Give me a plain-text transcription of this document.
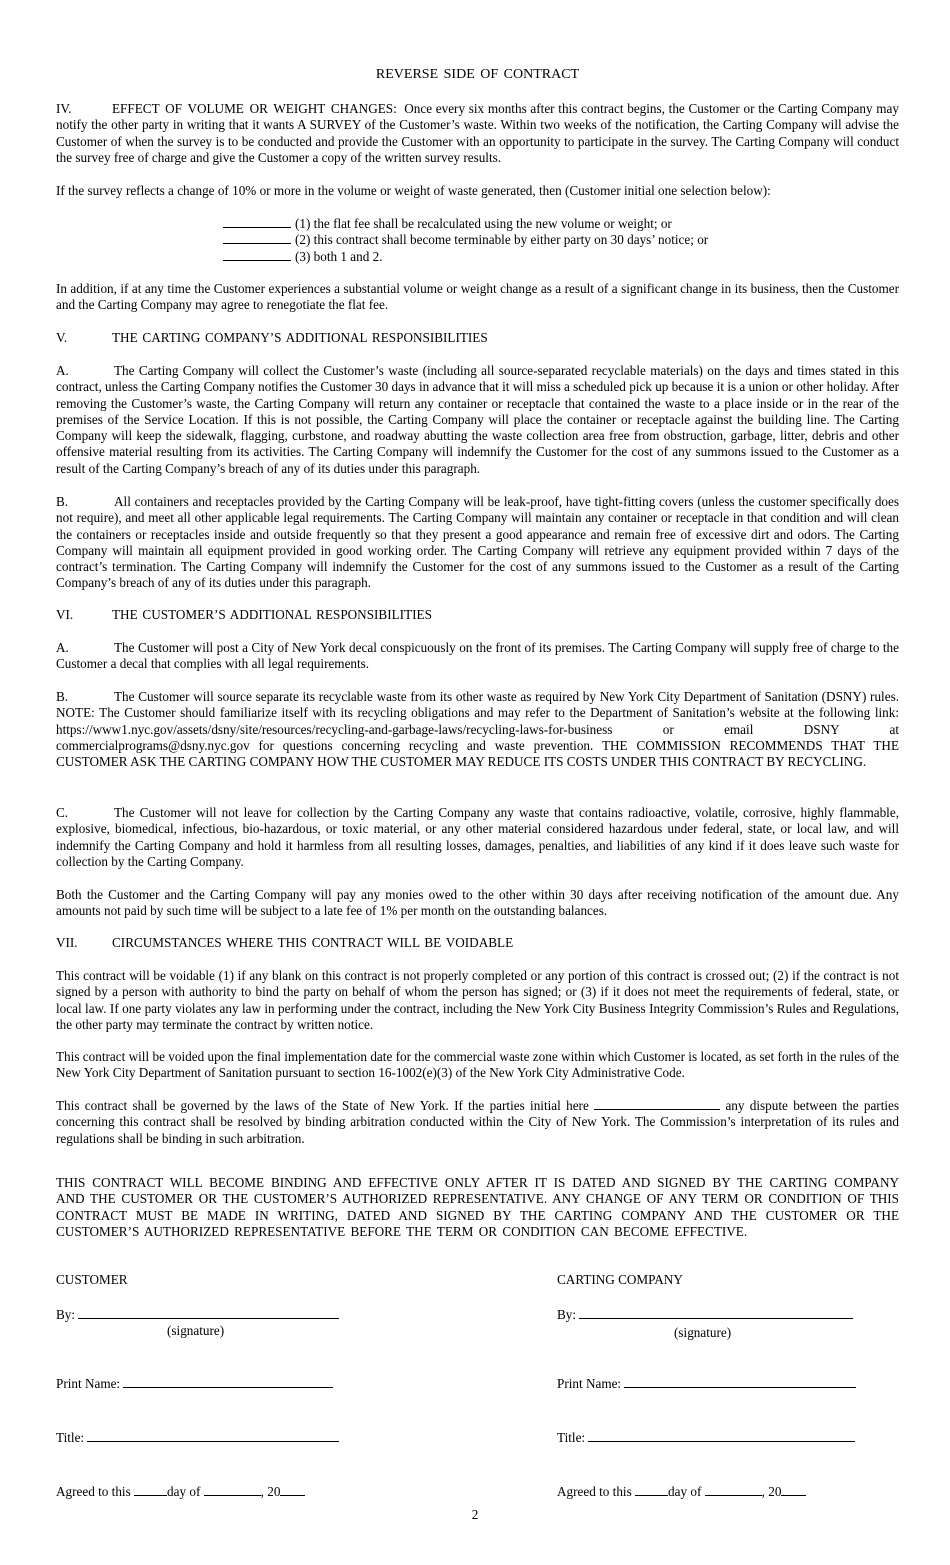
REVERSE SIDE OF CONTRACT
IV.	EFFECT OF VOLUME OR WEIGHT CHANGES: Once every six months after this contract begins, the Customer or the Carting Company may notify the other party in writing that it wants A SURVEY of the Customer’s waste. Within two weeks of the notification, the Carting Company will advise the Customer of when the survey is to be conducted and provide the Customer with an opportunity to participate in the survey. The Carting Company will conduct the survey free of charge and give the Customer a copy of the written survey results.
If the survey reflects a change of 10% or more in the volume or weight of waste generated, then (Customer initial one selection below):
(1) the flat fee shall be recalculated using the new volume or weight; or
(2) this contract shall become terminable by either party on 30 days’ notice; or
(3) both 1 and 2.
In addition, if at any time the Customer experiences a substantial volume or weight change as a result of a significant change in its business, then the Customer and the Carting Company may agree to renegotiate the flat fee.
V.	THE CARTING COMPANY’S ADDITIONAL RESPONSIBILITIES
A.	The Carting Company will collect the Customer’s waste (including all source-separated recyclable materials) on the days and times stated in this contract, unless the Carting Company notifies the Customer 30 days in advance that it will miss a scheduled pick up because it is a union or other holiday. After removing the Customer’s waste, the Carting Company will return any container or receptacle that contained the waste to a place inside or in the rear of the premises of the Service Location. If this is not possible, the Carting Company will place the container or receptacle against the building line. The Carting Company will keep the sidewalk, flagging, curbstone, and roadway abutting the waste collection area free from obstruction, garbage, litter, debris and other offensive material resulting from its activities. The Carting Company will indemnify the Customer for the cost of any summons issued to the Customer as a result of the Carting Company’s breach of any of its duties under this paragraph.
B.	All containers and receptacles provided by the Carting Company will be leak-proof, have tight-fitting covers (unless the customer specifically does not require), and meet all other applicable legal requirements. The Carting Company will maintain any container or receptacle in that condition and will clean the containers or receptacles inside and outside frequently so that they present a good appearance and remain free of excessive dirt and odors. The Carting Company will maintain all equipment provided in good working order. The Carting Company will retrieve any equipment provided within 7 days of the contract’s termination. The Carting Company will indemnify the Customer for the cost of any summons issued to the Customer as a result of the Carting Company’s breach of any of its duties under this paragraph.
VI.	THE CUSTOMER’S ADDITIONAL RESPONSIBILITIES
A.	The Customer will post a City of New York decal conspicuously on the front of its premises. The Carting Company will supply free of charge to the Customer a decal that complies with all legal requirements.
B.	The Customer will source separate its recyclable waste from its other waste as required by New York City Department of Sanitation (DSNY) rules. NOTE: The Customer should familiarize itself with its recycling obligations and may refer to the Department of Sanitation’s website at the following link: https://www1.nyc.gov/assets/dsny/site/resources/recycling-and-garbage-laws/recycling-laws-for-business or email DSNY at commercialprograms@dsny.nyc.gov for questions concerning recycling and waste prevention. THE COMMISSION RECOMMENDS THAT THE CUSTOMER ASK THE CARTING COMPANY HOW THE CUSTOMER MAY REDUCE ITS COSTS UNDER THIS CONTRACT BY RECYCLING.
C.	The Customer will not leave for collection by the Carting Company any waste that contains radioactive, volatile, corrosive, highly flammable, explosive, biomedical, infectious, bio-hazardous, or toxic material, or any other material considered hazardous under federal, state, or local law, and will indemnify the Carting Company and hold it harmless from all resulting losses, damages, penalties, and liabilities of any kind if it does leave such waste for collection by the Carting Company.
Both the Customer and the Carting Company will pay any monies owed to the other within 30 days after receiving notification of the amount due. Any amounts not paid by such time will be subject to a late fee of 1% per month on the outstanding balances.
VII.	CIRCUMSTANCES WHERE THIS CONTRACT WILL BE VOIDABLE
This contract will be voidable (1) if any blank on this contract is not properly completed or any portion of this contract is crossed out; (2) if the contract is not signed by a person with authority to bind the party on behalf of whom the person has signed; or (3) if it does not meet the requirements of federal, state, or local law. If one party violates any law in performing under the contract, including the New York City Business Integrity Commission’s Rules and Regulations, the other party may terminate the contract by written notice.
This contract will be voided upon the final implementation date for the commercial waste zone within which Customer is located, as set forth in the rules of the New York City Department of Sanitation pursuant to section 16-1002(e)(3) of the New York City Administrative Code.
This contract shall be governed by the laws of the State of New York. If the parties initial here	any dispute between the parties concerning this contract shall be resolved by binding arbitration conducted within the City of New York. The Commission’s interpretation of its rules and regulations shall be binding in such arbitration.
THIS CONTRACT WILL BECOME BINDING AND EFFECTIVE ONLY AFTER IT IS DATED AND SIGNED BY THE CARTING COMPANY AND THE CUSTOMER OR THE CUSTOMER’S AUTHORIZED REPRESENTATIVE. ANY CHANGE OF ANY TERM OR CONDITION OF THIS CONTRACT MUST BE MADE IN WRITING, DATED AND SIGNED BY THE CARTING COMPANY AND THE CUSTOMER OR THE CUSTOMER’S AUTHORIZED REPRESENTATIVE BEFORE THE TERM OR CONDITION CAN BECOME EFFECTIVE.
CUSTOMER
By:
(signature)
Print Name:
Title:
Agreed to this	day of	, 20
CARTING COMPANY
By:
(signature)
Print Name:
Title:
Agreed to this	day of	, 20
2
